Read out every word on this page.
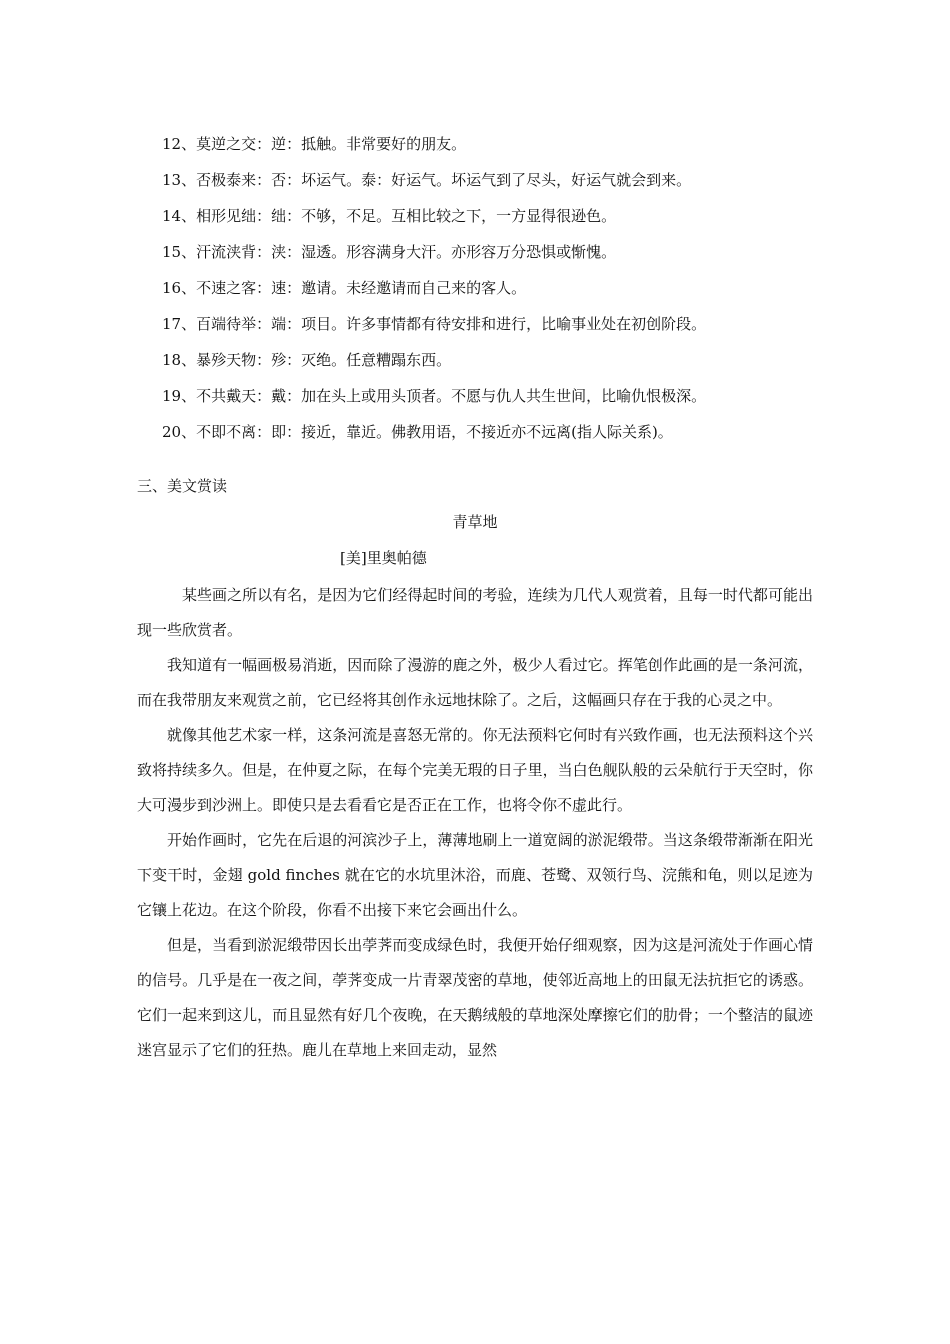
12、莫逆之交：逆：抵触。非常要好的朋友。
13、否极泰来：否：坏运气。泰：好运气。坏运气到了尽头，好运气就会到来。
14、相形见绌：绌：不够，不足。互相比较之下，一方显得很逊色。
15、汗流浃背：浃：湿透。形容满身大汗。亦形容万分恐惧或惭愧。
16、不速之客：速：邀请。未经邀请而自己来的客人。
17、百端待举：端：项目。许多事情都有待安排和进行，比喻事业处在初创阶段。
18、暴殄天物：殄：灭绝。任意糟蹋东西。
19、不共戴天：戴：加在头上或用头顶者。不愿与仇人共生世间，比喻仇恨极深。
20、不即不离：即：接近，靠近。佛教用语，不接近亦不远离(指人际关系)。
三、美文赏读
青草地
[美]里奥帕德

某些画之所以有名，是因为它们经得起时间的考验，连续为几代人观赏着，且每一时代都可能出现一些欣赏者。

我知道有一幅画极易消逝，因而除了漫游的鹿之外，极少人看过它。挥笔创作此画的是一条河流，而在我带朋友来观赏之前，它已经将其创作永远地抹除了。之后，这幅画只存在于我的心灵之中。

就像其他艺术家一样，这条河流是喜怒无常的。你无法预料它何时有兴致作画，也无法预料这个兴致将持续多久。但是，在仲夏之际，在每个完美无瑕的日子里，当白色舰队般的云朵航行于天空时，你大可漫步到沙洲上。即使只是去看看它是否正在工作，也将令你不虚此行。

开始作画时，它先在后退的河滨沙子上，薄薄地刷上一道宽阔的淤泥缎带。当这条缎带渐渐在阳光下变干时，金翅 gold finches 就在它的水坑里沐浴，而鹿、苍鹭、双领行鸟、浣熊和龟，则以足迹为它镶上花边。在这个阶段，你看不出接下来它会画出什么。

但是，当看到淤泥缎带因长出荸荠而变成绿色时，我便开始仔细观察，因为这是河流处于作画心情的信号。几乎是在一夜之间，荸荠变成一片青翠茂密的草地，使邻近高地上的田鼠无法抗拒它的诱惑。它们一起来到这儿，而且显然有好几个夜晚，在天鹅绒般的草地深处摩擦它们的肋骨；一个整洁的鼠迹迷宫显示了它们的狂热。鹿儿在草地上来回走动，显然
